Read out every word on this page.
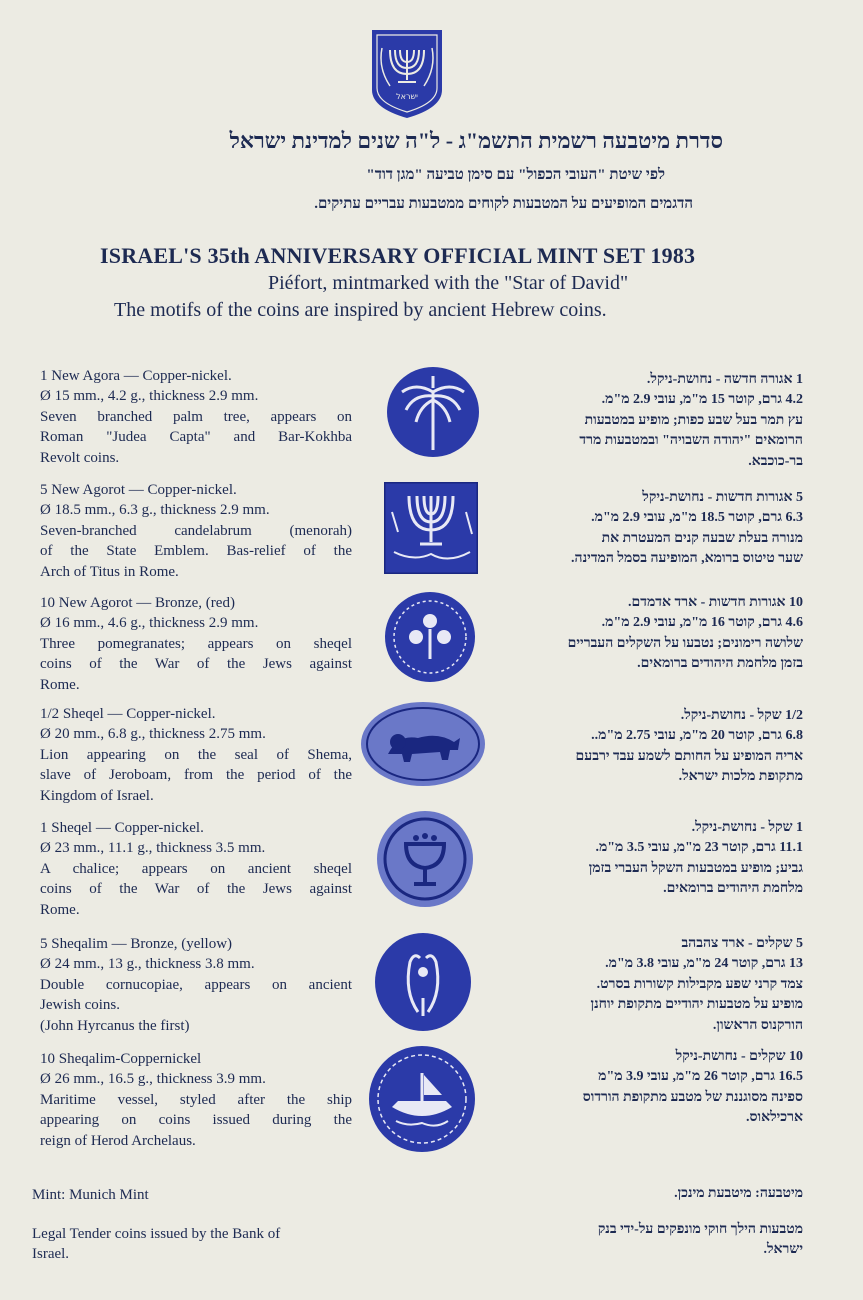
ישראל
סדרת מיטבעה רשמית התשמ"ג - ל"ה שנים למדינת ישראל
לפי שיטת "העובי הכפול" עם סימן טביעה "מגן דוד"
הדגמים המופיעים על המטבעות לקוחים ממטבעות עבריים עתיקים.
ISRAEL'S 35th ANNIVERSARY OFFICIAL MINT SET 1983
Piéfort, mintmarked with the "Star of David"
The motifs of the coins are inspired by ancient Hebrew coins.
1 New Agora — Copper-nickel.
Ø 15 mm., 4.2 g., thickness 2.9 mm.
Seven branched palm tree, appears on
Roman "Judea Capta" and Bar-Kokhba
Revolt coins.
1 אגורה חדשה - נחושת-ניקל.
4.2 גרם, קוטר 15 מ"מ, עובי 2.9 מ"מ.
עץ תמר בעל שבע כפות; מופיע במטבעות
הרומאים "יהודה השבויה" ובמטבעות מרד
בר-כוכבא.
5 New Agorot — Copper-nickel.
Ø 18.5 mm., 6.3 g., thickness 2.9 mm.
Seven-branched candelabrum (menorah)
of the State Emblem. Bas-relief of the
Arch of Titus in Rome.
5 אגורות חדשות - נחושת-ניקל
6.3 גרם, קוטר 18.5 מ"מ, עובי 2.9 מ"מ.
מנורה בעלת שבעה קנים המעטרת את
שער טיטוס ברומא, המופיעה בסמל המדינה.
10 New Agorot — Bronze, (red)
Ø 16 mm., 4.6 g., thickness 2.9 mm.
Three pomegranates; appears on sheqel
coins of the War of the Jews against
Rome.
10 אגורות חדשות - ארד אדמדם.
4.6 גרם, קוטר 16 מ"מ, עובי 2.9 מ"מ.
שלושה רימונים; נטבעו על השקלים העבריים
בזמן מלחמת היהודים ברומאים.
1/2 Sheqel — Copper-nickel.
Ø 20 mm., 6.8 g., thickness 2.75 mm.
Lion appearing on the seal of Shema,
slave of Jeroboam, from the period of the
Kingdom of Israel.
1/2 שקל - נחושת-ניקל.
6.8 גרם, קוטר 20 מ"מ, עובי 2.75 מ"מ..
אריה המופיע על החותם לשמע עבד ירבעם
מתקופת מלכות ישראל.
1 Sheqel — Copper-nickel.
Ø 23 mm., 11.1 g., thickness 3.5 mm.
A chalice; appears on ancient sheqel
coins of the War of the Jews against
Rome.
1 שקל - נחושת-ניקל.
11.1 גרם, קוטר 23 מ"מ, עובי 3.5 מ"מ.
גביע; מופיע במטבעות השקל העברי בזמן
מלחמת היהודים ברומאים.
5 Sheqalim — Bronze, (yellow)
Ø 24 mm., 13 g., thickness 3.8 mm.
Double cornucopiae, appears on ancient
Jewish coins.
(John Hyrcanus the first)
5 שקלים - ארד צהבהב
13 גרם, קוטר 24 מ"מ, עובי 3.8 מ"מ.
צמד קרני שפע מקבילות קשורות בסרט.
מופיע על מטבעות יהודיים מתקופת יוחנן
הורקנוס הראשון.
10 Sheqalim-Coppernickel
Ø 26 mm., 16.5 g., thickness 3.9 mm.
Maritime vessel, styled after the ship
appearing on coins issued during the
reign of Herod Archelaus.
10 שקלים - נחושת-ניקל
16.5 גרם, קוטר 26 מ"מ, עובי 3.9 מ"מ
ספינה מסוגננת של מטבע מתקופת הורדוס
ארכילאוס.
Mint: Munich Mint	מיטבעה: מיטבעת מינכן.
Legal Tender coins issued by the Bank of
Israel.
מטבעות הילך חוקי מונפקים על-ידי בנק
ישראל.
